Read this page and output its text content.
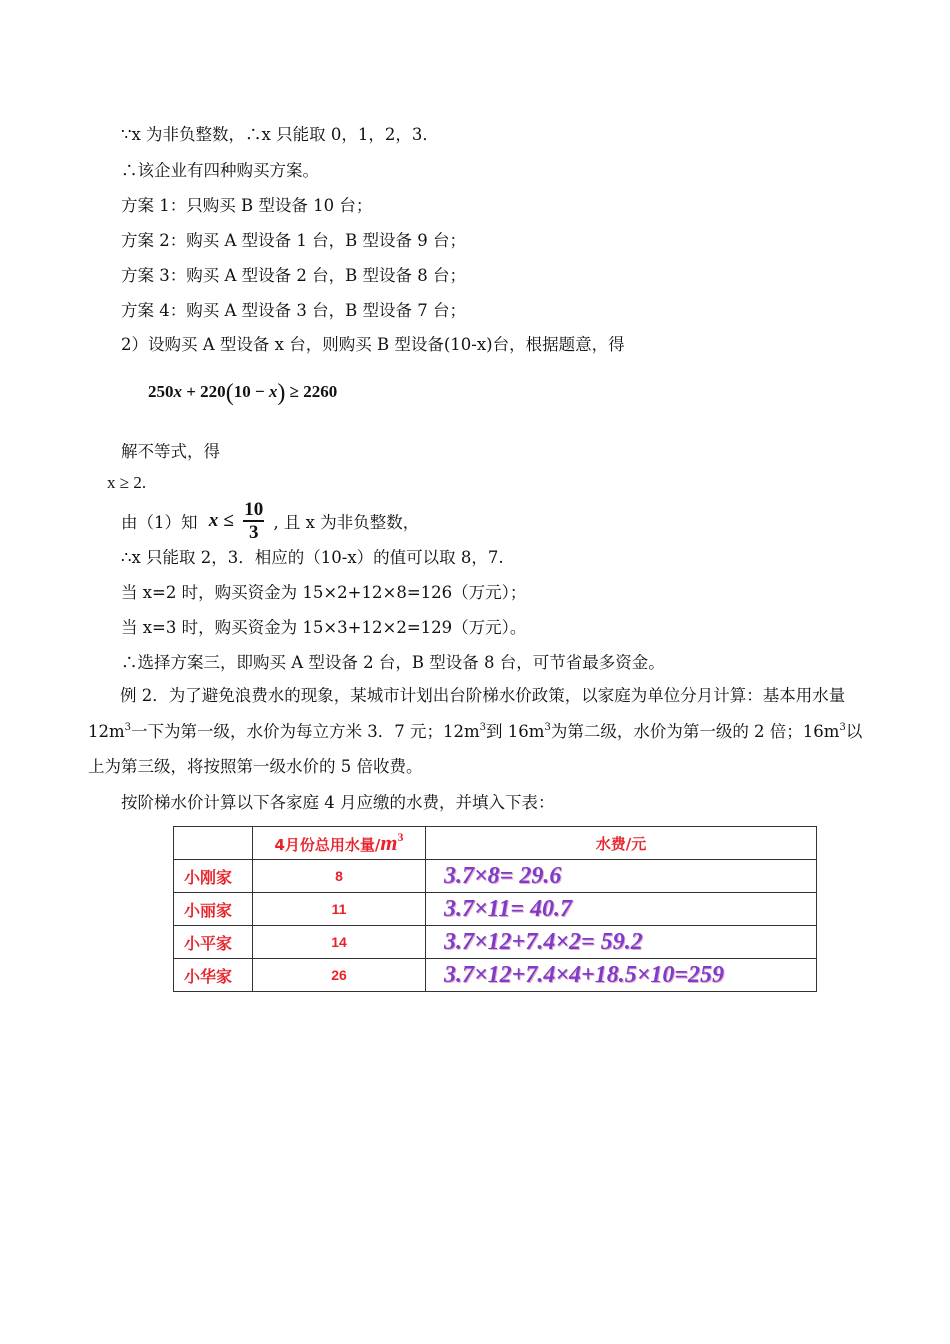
∵x 为非负整数，∴x 只能取 0，1，2，3．
∴该企业有四种购买方案。
方案 1：只购买 B 型设备 10 台；
方案 2：购买 A 型设备 1 台，B 型设备 9 台；
方案 3：购买 A 型设备 2 台，B 型设备 8 台；
方案 4：购买 A 型设备 3 台，B 型设备 7 台；
2）设购买 A 型设备 x 台，则购买 B 型设备(10-x)台，根据题意，得
250x + 220(10 − x) ≥ 2260
解不等式，得
x ≥ 2.
由（1）知 $x \le \frac{10}{3}$ , 且 x 为非负整数，
∴x 只能取 2，3．相应的（10-x）的值可以取 8，7.
当 x=2 时，购买资金为 15×2+12×8=126（万元）；
当 x=3 时，购买资金为 15×3+12×2=129（万元）。
∴选择方案三，即购买 A 型设备 2 台，B 型设备 8 台，可节省最多资金。
例 2．为了避免浪费水的现象，某城市计划出台阶梯水价政策，以家庭为单位分月计算：基本用水量 $12m^3$一下为第一级，水价为每立方米 3．7 元；$12m^3$到 $16m^3$为第二级，水价为第一级的 2 倍；$16m^3$以上为第三级，将按照第一级水价的 5 倍收费。
按阶梯水价计算以下各家庭 4 月应缴的水费，并填入下表：
	4月份总用水量$/m^3$	水费/元
小刚家	8	3.7×8= 29.6
小丽家	11	3.7×11= 40.7
小平家	14	3.7×12+7.4×2= 59.2
小华家	26	3.7×12+7.4×4+18.5×10=259
